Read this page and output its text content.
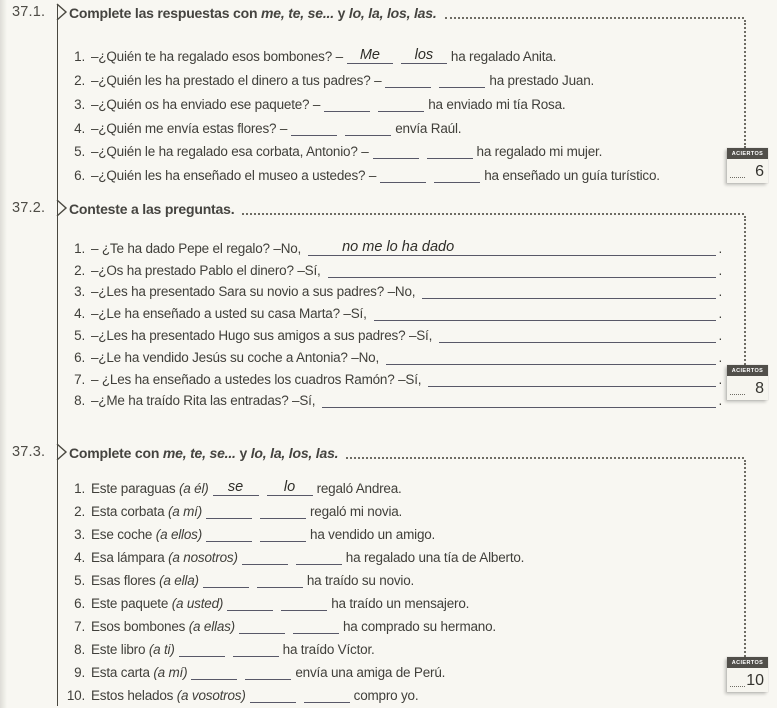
37.1. Complete las respuestas con me, te, se... y lo, la, los, las.
1. –¿Quién te ha regalado esos bombones? –	Me	los	ha regalado Anita.
2. –¿Quién les ha prestado el dinero a tus padres? –	ha prestado Juan.
3. –¿Quién os ha enviado ese paquete? –	ha enviado mi tía Rosa.
4. –¿Quién me envía estas flores? –	envía Raúl.
5. –¿Quién le ha regalado esa corbata, Antonio? –	ha regalado mi mujer.
6. –¿Quién les ha enseñado el museo a ustedes? –	ha enseñado un guía turístico.
37.2. Conteste a las preguntas.
1. – ¿Te ha dado Pepe el regalo? –No,	no me lo ha dado	.
2. –¿Os ha prestado Pablo el dinero? –Sí,	.
3. –¿Les ha presentado Sara su novio a sus padres? –No,	.
4. –¿Le ha enseñado a usted su casa Marta? –Sí,	.
5. –¿Les ha presentado Hugo sus amigos a sus padres? –Sí,	.
6. –¿Le ha vendido Jesús su coche a Antonia? –No,	.
7. – ¿Les ha enseñado a ustedes los cuadros Ramón? –Sí,	.
8. –¿Me ha traído Rita las entradas? –Sí,	.
37.3. Complete con me, te, se... y lo, la, los, las.
1. Este paraguas (a él)	se	lo	regaló Andrea.
2. Esta corbata (a mí)	regaló mi novia.
3. Ese coche (a ellos)	ha vendido un amigo.
4. Esa lámpara (a nosotros)	ha regalado una tía de Alberto.
5. Esas flores (a ella)	ha traído su novio.
6. Este paquete (a usted)	ha traído un mensajero.
7. Esos bombones (a ellas)	ha comprado su hermano.
8. Este libro (a ti)	ha traído Víctor.
9. Esta carta (a mí)	envía una amiga de Perú.
10. Estos helados (a vosotros)	compro yo.
ACIERTOS
6
ACIERTOS
8
ACIERTOS
10
